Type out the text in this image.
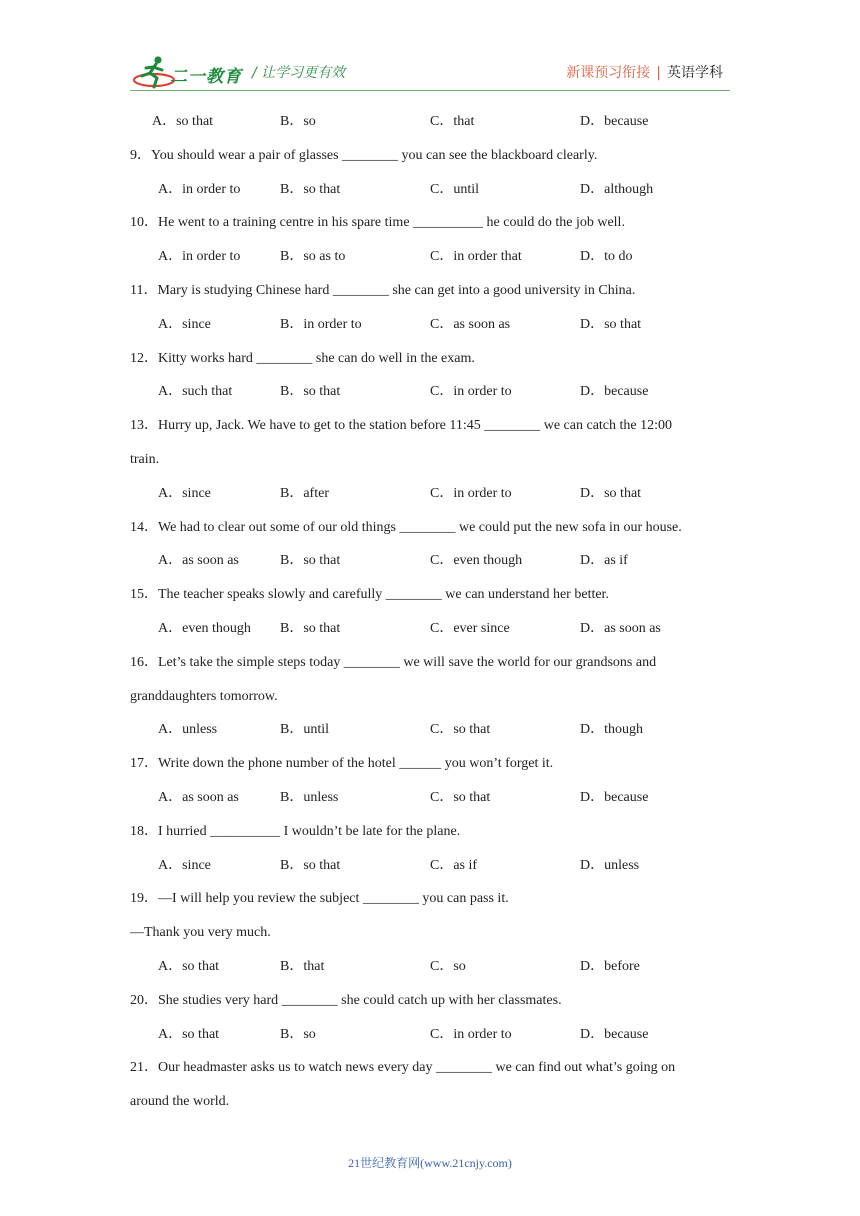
二一教育 / 让学习更有效	新课预习衔接 | 英语学科
A．so that	B．so	C．that	D．because
9．You should wear a pair of glasses ________ you can see the blackboard clearly.
A．in order to	B．so that	C．until	D．although
10．He went to a training centre in his spare time __________ he could do the job well.
A．in order to	B．so as to	C．in order that	D．to do
11．Mary is studying Chinese hard ________ she can get into a good university in China.
A．since	B．in order to	C．as soon as	D．so that
12．Kitty works hard ________ she can do well in the exam.
A．such that	B．so that	C．in order to	D．because
13．Hurry up, Jack. We have to get to the station before 11:45 ________ we can catch the 12:00
train.
A．since	B．after	C．in order to	D．so that
14．We had to clear out some of our old things ________ we could put the new sofa in our house.
A．as soon as	B．so that	C．even though	D．as if
15．The teacher speaks slowly and carefully ________ we can understand her better.
A．even though B．so that	C．ever since	D．as soon as
16．Let’s take the simple steps today ________ we will save the world for our grandsons and
granddaughters tomorrow.
A．unless	B．until	C．so that	D．though
17．Write down the phone number of the hotel ______ you won’t forget it.
A．as soon as	B．unless	C．so that	D．because
18．I hurried __________ I wouldn’t be late for the plane.
A．since	B．so that	C．as if	D．unless
19．—I will help you review the subject ________ you can pass it.
—Thank you very much.
A．so that	B．that	C．so	D．before
20．She studies very hard ________ she could catch up with her classmates.
A．so that	B．so	C．in order to	D．because
21．Our headmaster asks us to watch news every day ________ we can find out what’s going on
around the world.
21世纪教育网(www.21cnjy.com)
